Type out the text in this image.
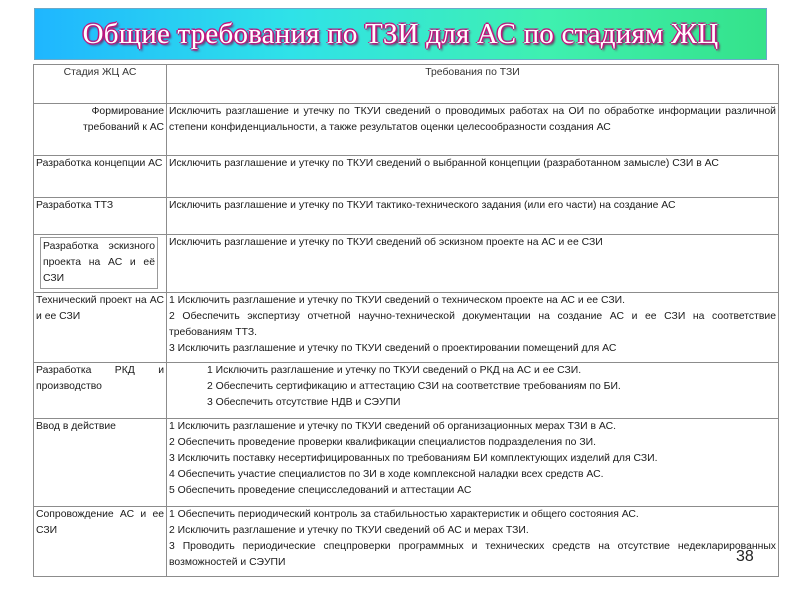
Общие требования по ТЗИ для АС по стадиям ЖЦ
Стадия ЖЦ АС	Требования по ТЗИ
Формирование требований к АС	Исключить разглашение и утечку по ТКУИ сведений о проводимых работах на ОИ по обработке информации различной степени конфиденциальности, а также результатов оценки целесообразности создания АС

Разработка концепции АС	Исключить разглашение и утечку по ТКУИ сведений о выбранной концепции (разработанном замысле) СЗИ в АС

Разработка ТТЗ	Исключить разглашение и утечку по ТКУИ тактико-технического задания (или его части) на создание АС

Разработка эскизного проекта на АС и её СЗИ	Исключить разглашение и утечку по ТКУИ сведений об эскизном проекте на АС и ее СЗИ

Технический проект на АС и ее СЗИ	1 Исключить разглашение и утечку по ТКУИ сведений о техническом проекте на АС и ее СЗИ.
2 Обеспечить экспертизу отчетной научно-технической документации на создание АС и ее СЗИ на соответствие требованиям ТТЗ.
3 Исключить разглашение и утечку по ТКУИ сведений о проектировании помещений для АС

Разработка РКД и производство	1 Исключить разглашение и утечку по ТКУИ сведений о РКД на АС и ее СЗИ.
2 Обеспечить сертификацию и аттестацию СЗИ на соответствие требованиям по БИ.
3 Обеспечить отсутствие НДВ и СЭУПИ

Ввод в действие	1 Исключить разглашение и утечку по ТКУИ сведений об организационных мерах ТЗИ в АС.
2 Обеспечить проведение проверки квалификации специалистов подразделения по ЗИ.
3 Исключить поставку несертифицированных по требованиям БИ комплектующих изделий для СЗИ.
4 Обеспечить участие специалистов по ЗИ в ходе комплексной наладки всех средств АС.
5 Обеспечить проведение специсследований и аттестации АС

Сопровождение АС и ее СЗИ	1 Обеспечить периодический контроль за стабильностью характеристик и общего состояния АС.
2 Исключить разглашение и утечку по ТКУИ сведений об АС и мерах ТЗИ.
3 Проводить периодические спецпроверки программных и технических средств на отсутствие недекларированных возможностей и СЭУПИ	38
